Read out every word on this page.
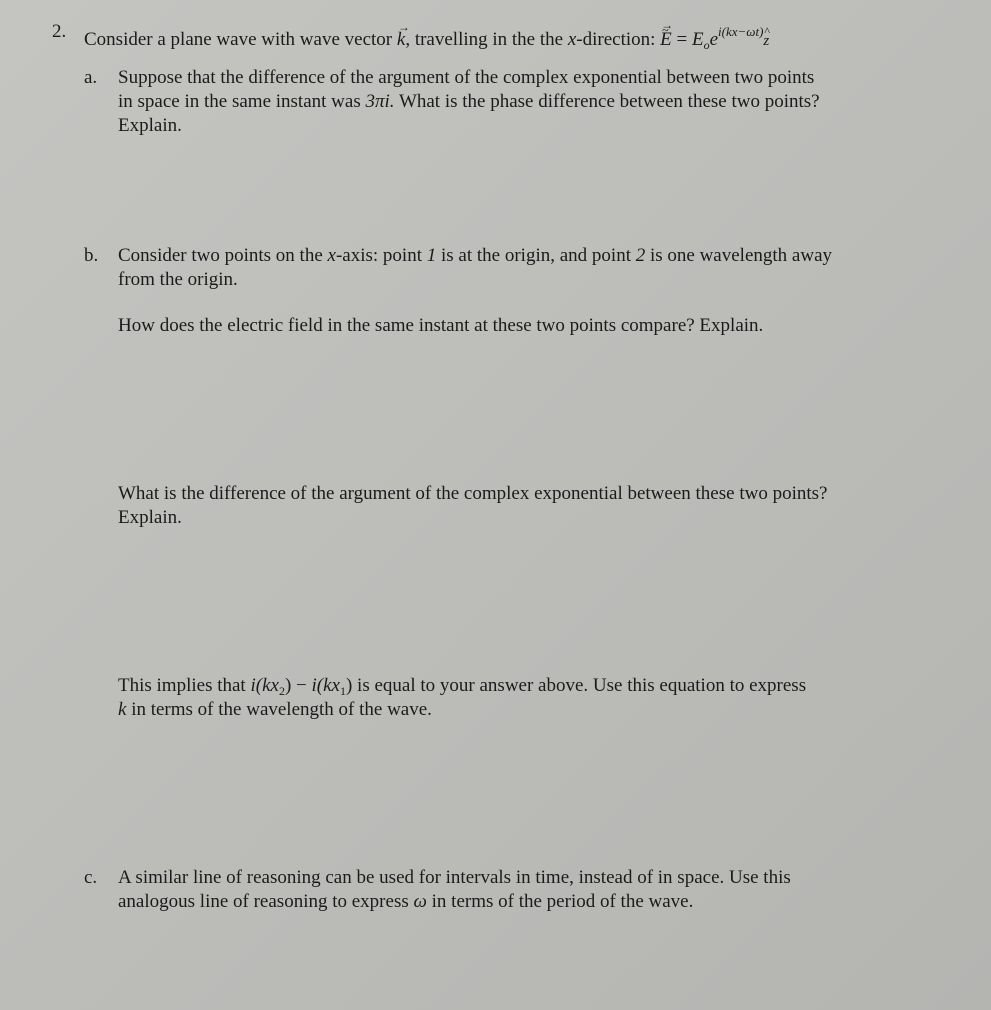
2. Consider a plane wave with wave vector → k, travelling in the the x-direction: → E ~ = $E_oe^{i(kx-\omega t)}\^{}$ z
a. Suppose that the difference of the argument of the complex exponential between two points
in space in the same instant was 3πi. What is the phase difference between these two points?
Explain.
b. Consider two points on the x-axis: point 1 is at the origin, and point 2 is one wavelength away
from the origin.
How does the electric field in the same instant at these two points compare? Explain.
What is the difference of the argument of the complex exponential between these two points?
Explain.
This implies that $i(kx_2) - i(kx_1)$ is equal to your answer above. Use this equation to express
k in terms of the wavelength of the wave.
c. A similar line of reasoning can be used for intervals in time, instead of in space. Use this
analogous line of reasoning to express ω in terms of the period of the wave.
